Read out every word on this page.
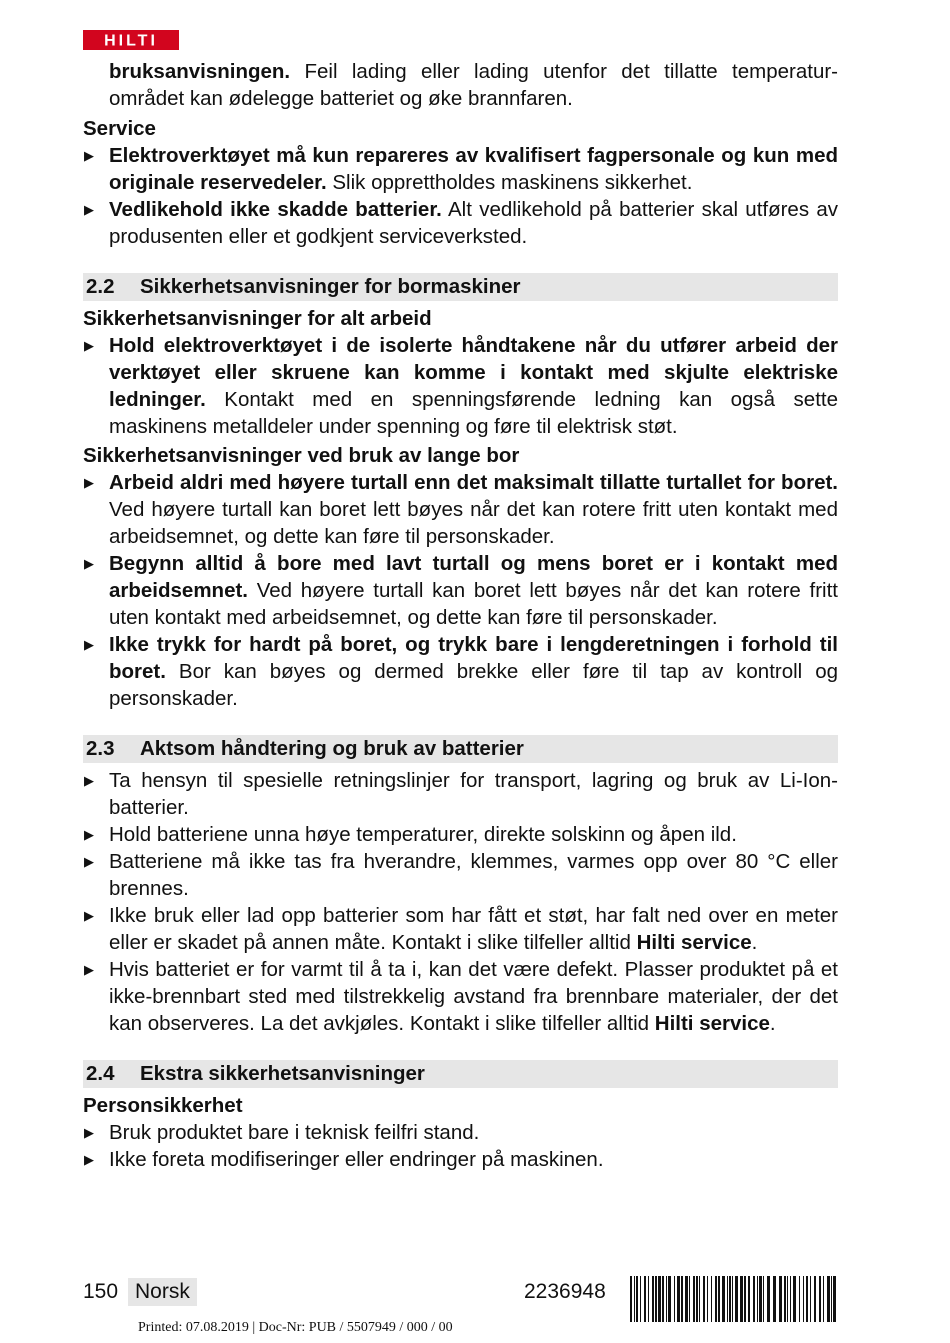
HILTI
bruksanvisningen. Feil lading eller lading utenfor det tillatte temperatur-området kan ødelegge batteriet og øke brannfaren.
Service
▶ Elektroverktøyet må kun repareres av kvalifisert fagpersonale og kun med originale reservedeler. Slik opprettholdes maskinens sikkerhet.
▶ Vedlikehold ikke skadde batterier. Alt vedlikehold på batterier skal utføres av produsenten eller et godkjent serviceverksted.
2.2 Sikkerhetsanvisninger for bormaskiner
Sikkerhetsanvisninger for alt arbeid
▶ Hold elektroverktøyet i de isolerte håndtakene når du utfører arbeid der verktøyet eller skruene kan komme i kontakt med skjulte elektriske ledninger. Kontakt med en spenningsførende ledning kan også sette maskinens metalldeler under spenning og føre til elektrisk støt.
Sikkerhetsanvisninger ved bruk av lange bor
▶ Arbeid aldri med høyere turtall enn det maksimalt tillatte turtallet for boret. Ved høyere turtall kan boret lett bøyes når det kan rotere fritt uten kontakt med arbeidsemnet, og dette kan føre til personskader.
▶ Begynn alltid å bore med lavt turtall og mens boret er i kontakt med arbeidsemnet. Ved høyere turtall kan boret lett bøyes når det kan rotere fritt uten kontakt med arbeidsemnet, og dette kan føre til personskader.
▶ Ikke trykk for hardt på boret, og trykk bare i lengderetningen i forhold til boret. Bor kan bøyes og dermed brekke eller føre til tap av kontroll og personskader.
2.3 Aktsom håndtering og bruk av batterier
▶ Ta hensyn til spesielle retningslinjer for transport, lagring og bruk av Li-Ion-batterier.
▶ Hold batteriene unna høye temperaturer, direkte solskinn og åpen ild.
▶ Batteriene må ikke tas fra hverandre, klemmes, varmes opp over 80 °C eller brennes.
▶ Ikke bruk eller lad opp batterier som har fått et støt, har falt ned over en meter eller er skadet på annen måte. Kontakt i slike tilfeller alltid Hilti service.
▶ Hvis batteriet er for varmt til å ta i, kan det være defekt. Plasser produktet på et ikke-brennbart sted med tilstrekkelig avstand fra brennbare materialer, der det kan observeres. La det avkjøles. Kontakt i slike tilfeller alltid Hilti service.
2.4 Ekstra sikkerhetsanvisninger
Personsikkerhet
▶ Bruk produktet bare i teknisk feilfri stand.
▶ Ikke foreta modifiseringer eller endringer på maskinen.
150 Norsk	2236948
Printed: 07.08.2019 | Doc-Nr: PUB / 5507949 / 000 / 00
